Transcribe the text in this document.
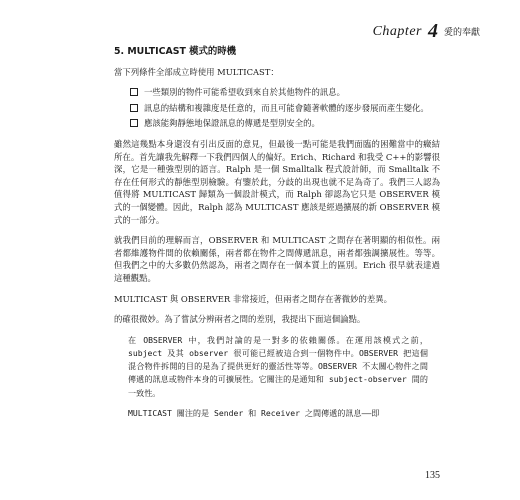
Chapter 4 愛的奉獻
5. MULTICAST 模式的時機

當下列條件全部成立時使用 MULTICAST：

一些類別的物件可能希望收到來自於其他物件的訊息。
訊息的結構和複雜度是任意的，而且可能會隨著軟體的逐步發展而產生變化。
應該能夠靜態地保證訊息的傳遞是型別安全的。

雖然這幾點本身還沒有引出反面的意見，但最後一點可能是我們面臨的困難當中的癥結所在。首先讓我先解釋一下我們四個人的偏好。Erich、Richard 和我受 C++的影響很深，它是一種強型別的語言。Ralph 是一個 Smalltalk 程式設計師，而 Smalltalk 不存在任何形式的靜態型別檢驗。有鑒於此，分歧的出現也就不足為奇了。我們三人認為值得將 MULTICAST 歸類為一個設計模式，而 Ralph 卻認為它只是 OBSERVER 模式的一個變體。因此，Ralph 認為 MULTICAST 應該是經過擴展的新 OBSERVER 模式的一部分。

就我們目前的理解而言，OBSERVER 和 MULTICAST 之間存在著明顯的相似性。兩者都維護物件間的依賴關係，兩者都在物件之間傳遞訊息，兩者都強調擴展性。等等。但我們之中的大多數仍然認為，兩者之間存在一個本質上的區別。Erich 很早就表達過這種觀點。

MULTICAST 與 OBSERVER 非常接近，但兩者之間存在著微妙的差異。

的確很微妙。為了嘗試分辨兩者之間的差別，我提出下面這個論點。

在 OBSERVER 中，我們討論的是一對多的依賴關係。在運用該模式之前，subject 及其 observer 很可能已經被這合到一個物件中。OBSERVER 把這個混合物件拆開的目的是為了提供更好的靈活性等等。OBSERVER 不太關心物件之間傳遞的訊息或物件本身的可擴展性。它關注的是通知和 subject-observer 間的一致性。

MULTICAST 關注的是 Sender 和 Receiver 之間傳遞的訊息——即

135
